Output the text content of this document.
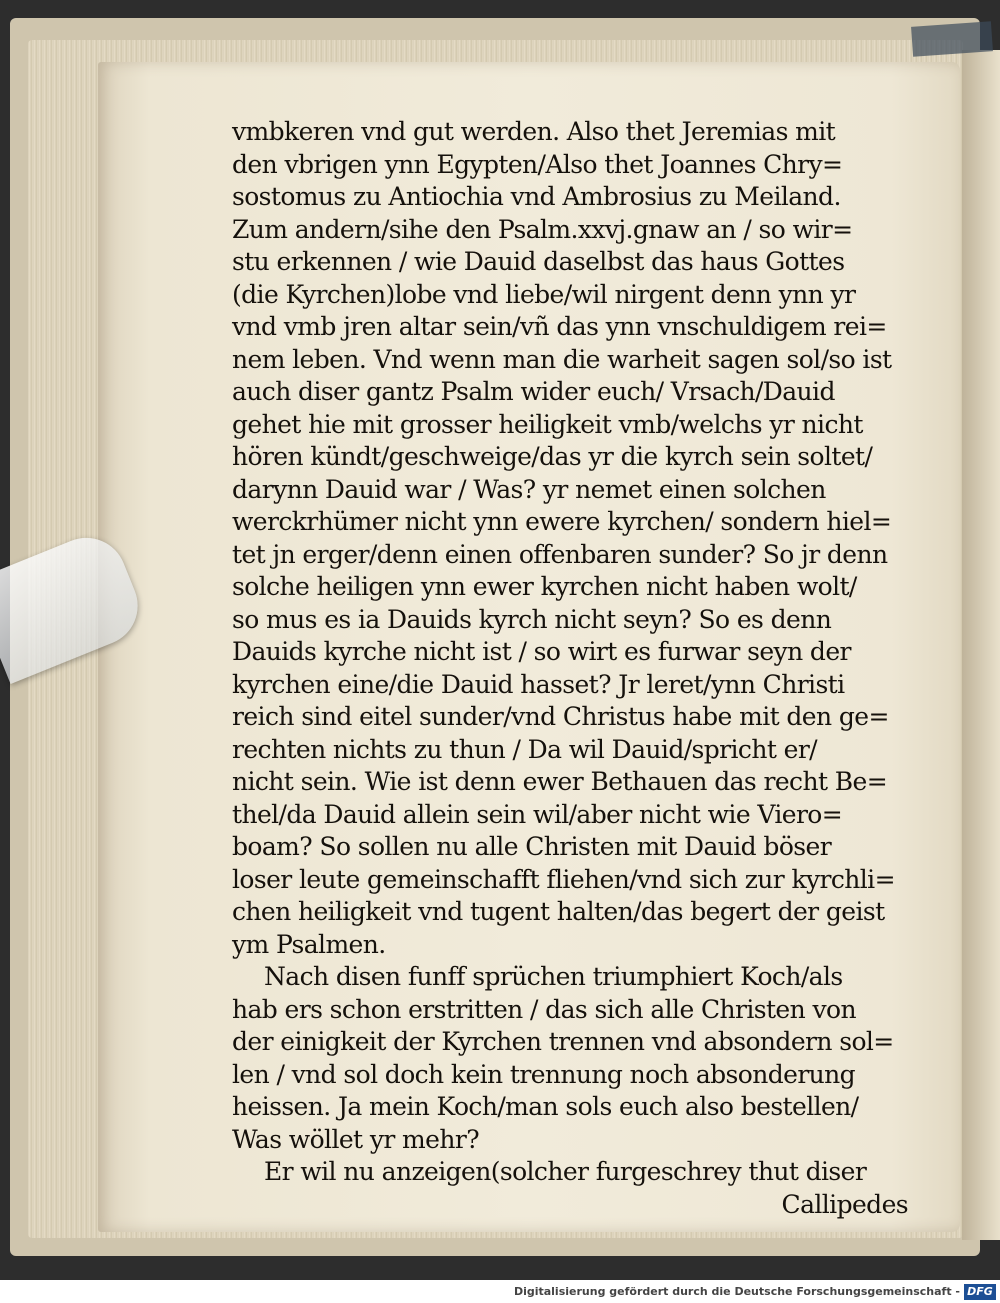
vmbkeren vnd gut werden. Also thet Jeremias mit
den vbrigen ynn Egypten/Also thet Joannes Chry=
sostomus zu Antiochia vnd Ambrosius zu Meiland.
Zum andern/sihe den Psalm.xxvj.gnaw an / so wir=
stu erkennen / wie Dauid daselbst das haus Gottes
(die Kyrchen)lobe vnd liebe/wil nirgent denn ynn yr
vnd vmb jren altar sein/vñ das ynn vnschuldigem rei=
nem leben. Vnd wenn man die warheit sagen sol/so ist
auch diser gantz Psalm wider euch/ Vrsach/Dauid
gehet hie mit grosser heiligkeit vmb/welchs yr nicht
hören kündt/geschweige/das yr die kyrch sein soltet/
darynn Dauid war / Was? yr nemet einen solchen
werckrhümer nicht ynn ewere kyrchen/ sondern hiel=
tet jn erger/denn einen offenbaren sunder? So jr denn
solche heiligen ynn ewer kyrchen nicht haben wolt/
so mus es ia Dauids kyrch nicht seyn? So es denn
Dauids kyrche nicht ist / so wirt es furwar seyn der
kyrchen eine/die Dauid hasset? Jr leret/ynn Christi
reich sind eitel sunder/vnd Christus habe mit den ge=
rechten nichts zu thun / Da wil Dauid/spricht er/
nicht sein. Wie ist denn ewer Bethauen das recht Be=
thel/da Dauid allein sein wil/aber nicht wie Viero=
boam? So sollen nu alle Christen mit Dauid böser
loser leute gemeinschafft fliehen/vnd sich zur kyrchli=
chen heiligkeit vnd tugent halten/das begert der geist
ym Psalmen.
Nach disen funff sprüchen triumphiert Koch/als
hab ers schon erstritten / das sich alle Christen von
der einigkeit der Kyrchen trennen vnd absondern sol=
len / vnd sol doch kein trennung noch absonderung
heissen. Ja mein Koch/man sols euch also bestellen/
Was wöllet yr mehr?
Er wil nu anzeigen(solcher furgeschrey thut diser
Callipedes
Digitalisierung gefördert durch die Deutsche Forschungsgemeinschaft - DFG
